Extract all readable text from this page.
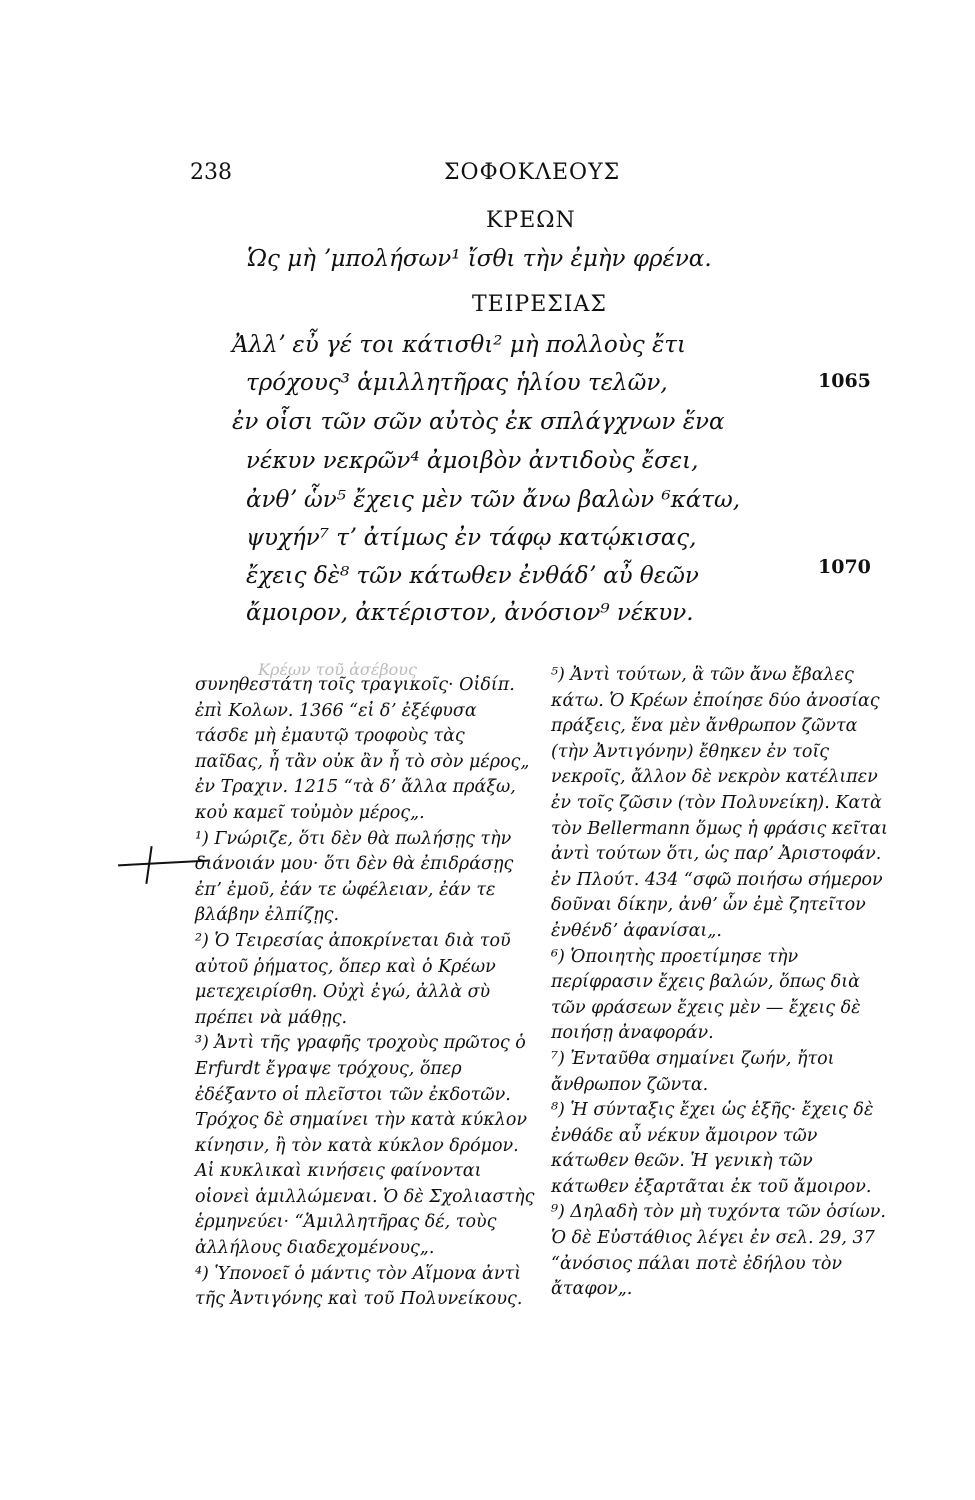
238	ΣΟΦΟΚΛΕΟΥΣ
ΚΡΕΩΝ
Ὡς μὴ ʼμπολήσων¹ ἴσθι τὴν ἐμὴν φρένα.
ΤΕΙΡΕΣΙΑΣ
Ἀλλʼ εὖ γέ τοι κάτισθι² μὴ πολλοὺς ἔτι
τρόχους³ ἁμιλλητῆρας ἡλίου τελῶν,
ἐν οἷσι τῶν σῶν αὐτὸς ἐκ σπλάγχνων ἕνα
νέκυν νεκρῶν⁴ ἀμοιβὸν ἀντιδοὺς ἔσει,
ἀνθʼ ὧν⁵ ἔχεις μὲν τῶν ἄνω βαλὼν ⁶κάτω,
ψυχήν⁷ τʼ ἀτίμως ἐν τάφῳ κατῴκισας,
ἔχεις δὲ⁸ τῶν κάτωθεν ἐνθάδʼ αὖ θεῶν
ἄμοιρον, ἀκτέριστον, ἀνόσιον⁹ νέκυν.
1065
1070
Κρέων τοῦ ἀσέβους

συνηθεστάτη τοῖς τραγικοῖς· Οἰδίπ. ἐπὶ Κολων. 1366 “εἰ δʼ ἐξέφυσα τάσδε μὴ ἐμαυτῷ τροφοὺς τὰς παῖδας, ἦ τἂν οὐκ ἂν ἦ τὸ σὸν μέρος„ ἐν Τραχιν. 1215 “τὰ δʼ ἄλλα πράξω, κοὐ καμεῖ τοὐμὸν μέρος„.

¹) Γνώριζε, ὅτι δὲν θὰ πωλήσῃς τὴν διάνοιάν μου· ὅτι δὲν θὰ ἐπιδράσῃς ἐπʼ ἐμοῦ, ἐάν τε ὠφέλειαν, ἐάν τε βλάβην ἐλπίζῃς.

²) Ὁ Τειρεσίας ἀποκρίνεται διὰ τοῦ αὐτοῦ ῥήματος, ὅπερ καὶ ὁ Κρέων μετεχειρίσθη. Οὐχὶ ἐγώ, ἀλλὰ σὺ πρέπει νὰ μάθῃς.

³) Ἀντὶ τῆς γραφῆς τροχοὺς πρῶτος ὁ Erfurdt ἔγραψε τρόχους, ὅπερ ἐδέξαντο οἱ πλεῖστοι τῶν ἐκδοτῶν. Τρόχος δὲ σημαίνει τὴν κατὰ κύκλον κίνησιν, ἢ τὸν κατὰ κύκλον δρόμον. Αἱ κυκλικαὶ κινήσεις φαίνονται οἱονεὶ ἁμιλλώμεναι. Ὁ δὲ Σχολιαστὴς ἑρμηνεύει· “Ἁμιλλητῆρας δέ, τοὺς ἀλλήλους διαδεχομένους„.

⁴) Ὑπονοεῖ ὁ μάντις τὸν Αἵμονα ἀντὶ τῆς Ἀντιγόνης καὶ τοῦ Πολυνείκους.

⁵) Ἀντὶ τούτων, ἃ τῶν ἄνω ἔβαλες κάτω. Ὁ Κρέων ἐποίησε δύο ἀνοσίας πράξεις, ἕνα μὲν ἄνθρωπον ζῶντα (τὴν Ἀντιγόνην) ἔθηκεν ἐν τοῖς νεκροῖς, ἄλλον δὲ νεκρὸν κατέλιπεν ἐν τοῖς ζῶσιν (τὸν Πολυνείκη). Κατὰ τὸν Bellermann ὅμως ἡ φράσις κεῖται ἀντὶ τούτων ὅτι, ὡς παρʼ Ἀριστοφάν. ἐν Πλούτ. 434 “σφῶ ποιήσω σήμερον δοῦναι δίκην, ἀνθʼ ὧν ἐμὲ ζητεῖτον ἐνθένδʼ ἀφανίσαι„.

⁶) Ὁποιητὴς προετίμησε τὴν περίφρασιν ἔχεις βαλών, ὅπως διὰ τῶν φράσεων ἔχεις μὲν — ἔχεις δὲ ποιήσῃ ἀναφοράν.

⁷) Ἐνταῦθα σημαίνει ζωήν, ἤτοι ἄνθρωπον ζῶντα.

⁸) Ἡ σύνταξις ἔχει ὡς ἑξῆς· ἔχεις δὲ ἐνθάδε αὖ νέκυν ἄμοιρον τῶν κάτωθεν θεῶν. Ἡ γενικὴ τῶν κάτωθεν ἐξαρτᾶται ἐκ τοῦ ἄμοιρον.

⁹) Δηλαδὴ τὸν μὴ τυχόντα τῶν ὁσίων. Ὁ δὲ Εὐστάθιος λέγει ἐν σελ. 29, 37 “ἀνόσιος πάλαι ποτὲ ἐδήλου τὸν ἄταφον„.
